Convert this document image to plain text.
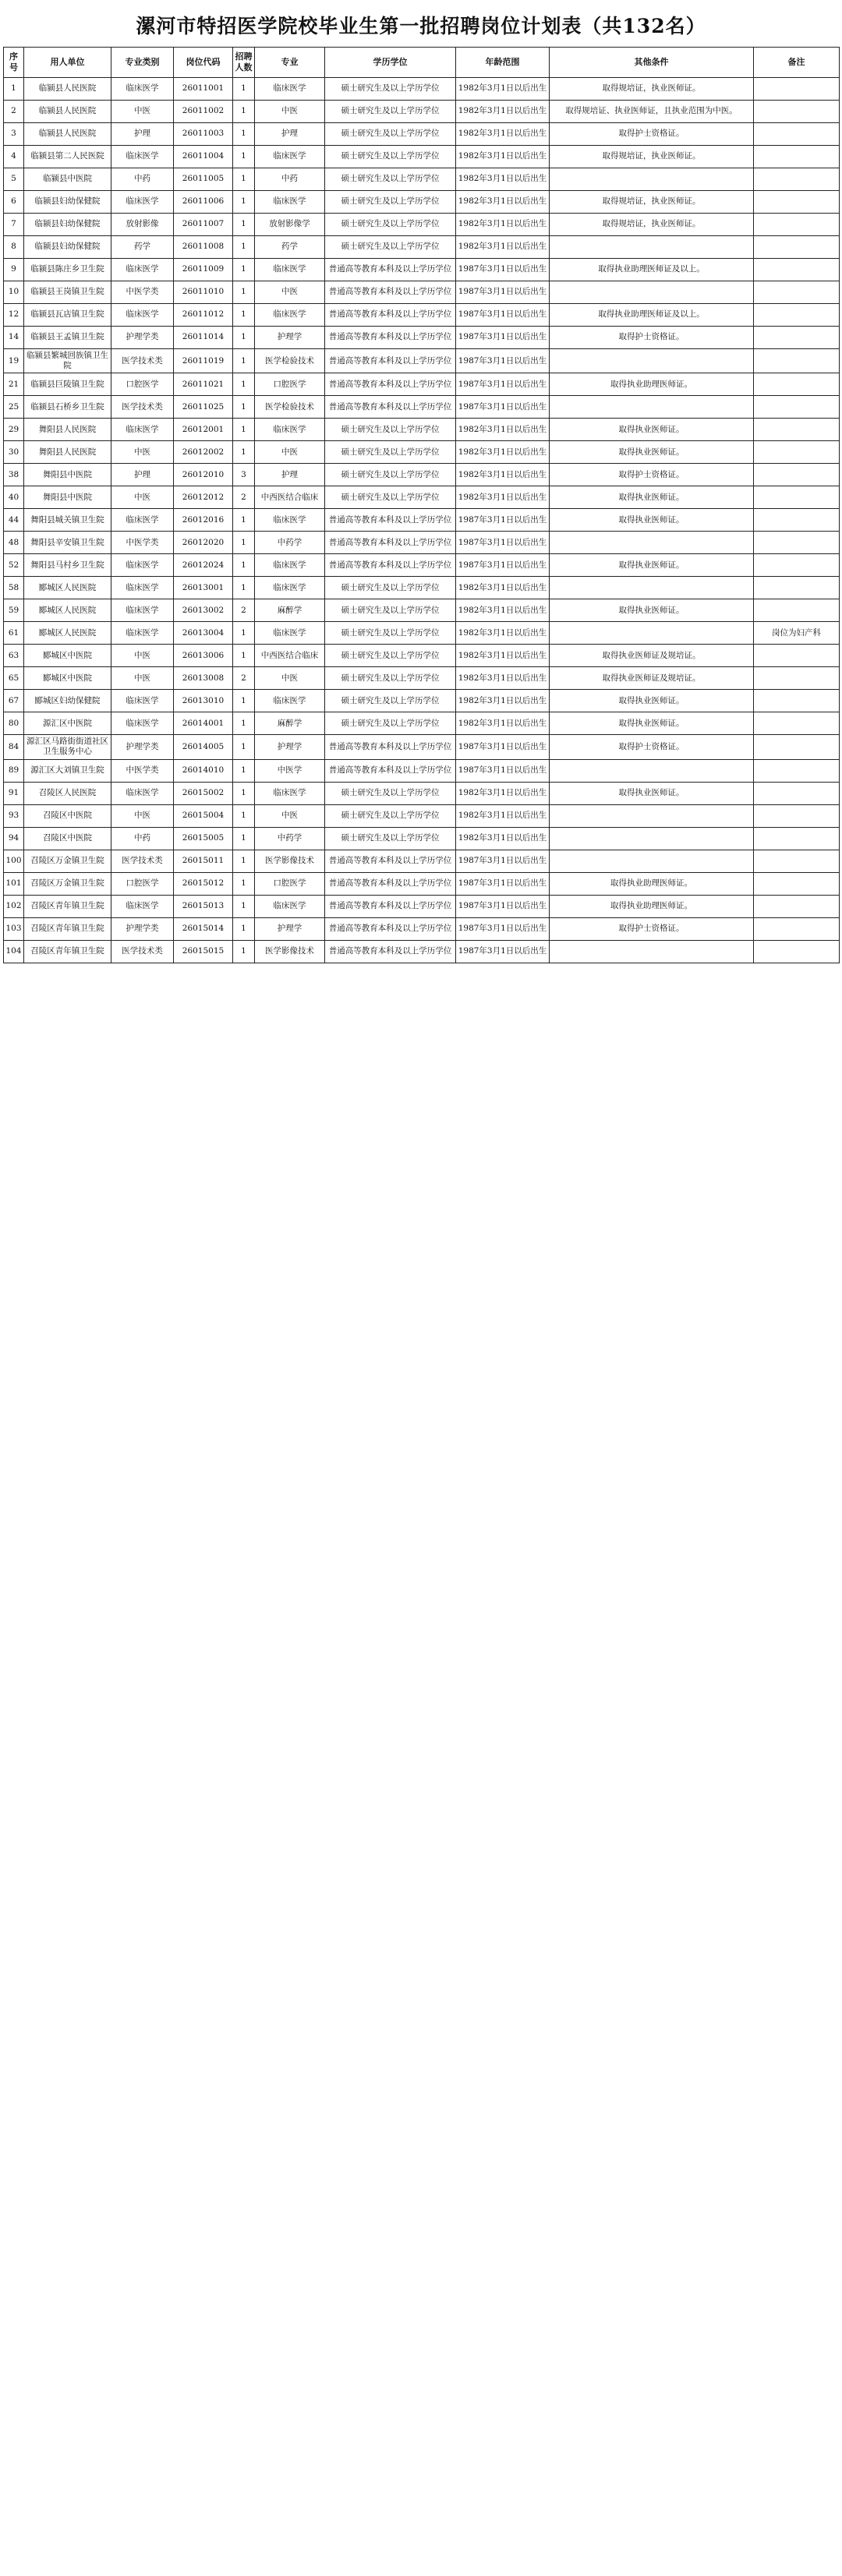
漯河市特招医学院校毕业生第一批招聘岗位计划表（共132名）
序号	用人单位	专业类别	岗位代码	招聘人数	专业	学历学位	年龄范围	其他条件	备注
1	临颍县人民医院	临床医学	26011001	1	临床医学	硕士研究生及以上学历学位	1982年3月1日以后出生	取得规培证，执业医师证。	
2	临颍县人民医院	中医	26011002	1	中医	硕士研究生及以上学历学位	1982年3月1日以后出生	取得规培证、执业医师证，且执业范围为中医。	
3	临颍县人民医院	护理	26011003	1	护理	硕士研究生及以上学历学位	1982年3月1日以后出生	取得护士资格证。	
4	临颍县第二人民医院	临床医学	26011004	1	临床医学	硕士研究生及以上学历学位	1982年3月1日以后出生	取得规培证，执业医师证。	
5	临颍县中医院	中药	26011005	1	中药	硕士研究生及以上学历学位	1982年3月1日以后出生		
6	临颍县妇幼保健院	临床医学	26011006	1	临床医学	硕士研究生及以上学历学位	1982年3月1日以后出生	取得规培证，执业医师证。	
7	临颍县妇幼保健院	放射影像	26011007	1	放射影像学	硕士研究生及以上学历学位	1982年3月1日以后出生	取得规培证，执业医师证。	
8	临颍县妇幼保健院	药学	26011008	1	药学	硕士研究生及以上学历学位	1982年3月1日以后出生		
9	临颍县陈庄乡卫生院	临床医学	26011009	1	临床医学	普通高等教育本科及以上学历学位	1987年3月1日以后出生	取得执业助理医师证及以上。	
10	临颍县王岗镇卫生院	中医学类	26011010	1	中医	普通高等教育本科及以上学历学位	1987年3月1日以后出生		
12	临颍县瓦店镇卫生院	临床医学	26011012	1	临床医学	普通高等教育本科及以上学历学位	1987年3月1日以后出生	取得执业助理医师证及以上。	
14	临颍县王孟镇卫生院	护理学类	26011014	1	护理学	普通高等教育本科及以上学历学位	1987年3月1日以后出生	取得护士资格证。	
19	临颍县繁城回族镇卫生院	医学技术类	26011019	1	医学检验技术	普通高等教育本科及以上学历学位	1987年3月1日以后出生		
21	临颍县巨陵镇卫生院	口腔医学	26011021	1	口腔医学	普通高等教育本科及以上学历学位	1987年3月1日以后出生	取得执业助理医师证。	
25	临颍县石桥乡卫生院	医学技术类	26011025	1	医学检验技术	普通高等教育本科及以上学历学位	1987年3月1日以后出生		
29	舞阳县人民医院	临床医学	26012001	1	临床医学	硕士研究生及以上学历学位	1982年3月1日以后出生	取得执业医师证。	
30	舞阳县人民医院	中医	26012002	1	中医	硕士研究生及以上学历学位	1982年3月1日以后出生	取得执业医师证。	
38	舞阳县中医院	护理	26012010	3	护理	硕士研究生及以上学历学位	1982年3月1日以后出生	取得护士资格证。	
40	舞阳县中医院	中医	26012012	2	中西医结合临床	硕士研究生及以上学历学位	1982年3月1日以后出生	取得执业医师证。	
44	舞阳县城关镇卫生院	临床医学	26012016	1	临床医学	普通高等教育本科及以上学历学位	1987年3月1日以后出生	取得执业医师证。	
48	舞阳县辛安镇卫生院	中医学类	26012020	1	中药学	普通高等教育本科及以上学历学位	1987年3月1日以后出生		
52	舞阳县马村乡卫生院	临床医学	26012024	1	临床医学	普通高等教育本科及以上学历学位	1987年3月1日以后出生	取得执业医师证。	
58	郾城区人民医院	临床医学	26013001	1	临床医学	硕士研究生及以上学历学位	1982年3月1日以后出生		
59	郾城区人民医院	临床医学	26013002	2	麻醉学	硕士研究生及以上学历学位	1982年3月1日以后出生	取得执业医师证。	
61	郾城区人民医院	临床医学	26013004	1	临床医学	硕士研究生及以上学历学位	1982年3月1日以后出生		岗位为妇产科
63	郾城区中医院	中医	26013006	1	中西医结合临床	硕士研究生及以上学历学位	1982年3月1日以后出生	取得执业医师证及规培证。	
65	郾城区中医院	中医	26013008	2	中医	硕士研究生及以上学历学位	1982年3月1日以后出生	取得执业医师证及规培证。	
67	郾城区妇幼保健院	临床医学	26013010	1	临床医学	硕士研究生及以上学历学位	1982年3月1日以后出生	取得执业医师证。	
80	源汇区中医院	临床医学	26014001	1	麻醉学	硕士研究生及以上学历学位	1982年3月1日以后出生	取得执业医师证。	
84	源汇区马路街街道社区卫生服务中心	护理学类	26014005	1	护理学	普通高等教育本科及以上学历学位	1987年3月1日以后出生	取得护士资格证。	
89	源汇区大刘镇卫生院	中医学类	26014010	1	中医学	普通高等教育本科及以上学历学位	1987年3月1日以后出生		
91	召陵区人民医院	临床医学	26015002	1	临床医学	硕士研究生及以上学历学位	1982年3月1日以后出生	取得执业医师证。	
93	召陵区中医院	中医	26015004	1	中医	硕士研究生及以上学历学位	1982年3月1日以后出生		
94	召陵区中医院	中药	26015005	1	中药学	硕士研究生及以上学历学位	1982年3月1日以后出生		
100	召陵区万金镇卫生院	医学技术类	26015011	1	医学影像技术	普通高等教育本科及以上学历学位	1987年3月1日以后出生		
101	召陵区万金镇卫生院	口腔医学	26015012	1	口腔医学	普通高等教育本科及以上学历学位	1987年3月1日以后出生	取得执业助理医师证。	
102	召陵区青年镇卫生院	临床医学	26015013	1	临床医学	普通高等教育本科及以上学历学位	1987年3月1日以后出生	取得执业助理医师证。	
103	召陵区青年镇卫生院	护理学类	26015014	1	护理学	普通高等教育本科及以上学历学位	1987年3月1日以后出生	取得护士资格证。	
104	召陵区青年镇卫生院	医学技术类	26015015	1	医学影像技术	普通高等教育本科及以上学历学位	1987年3月1日以后出生		
